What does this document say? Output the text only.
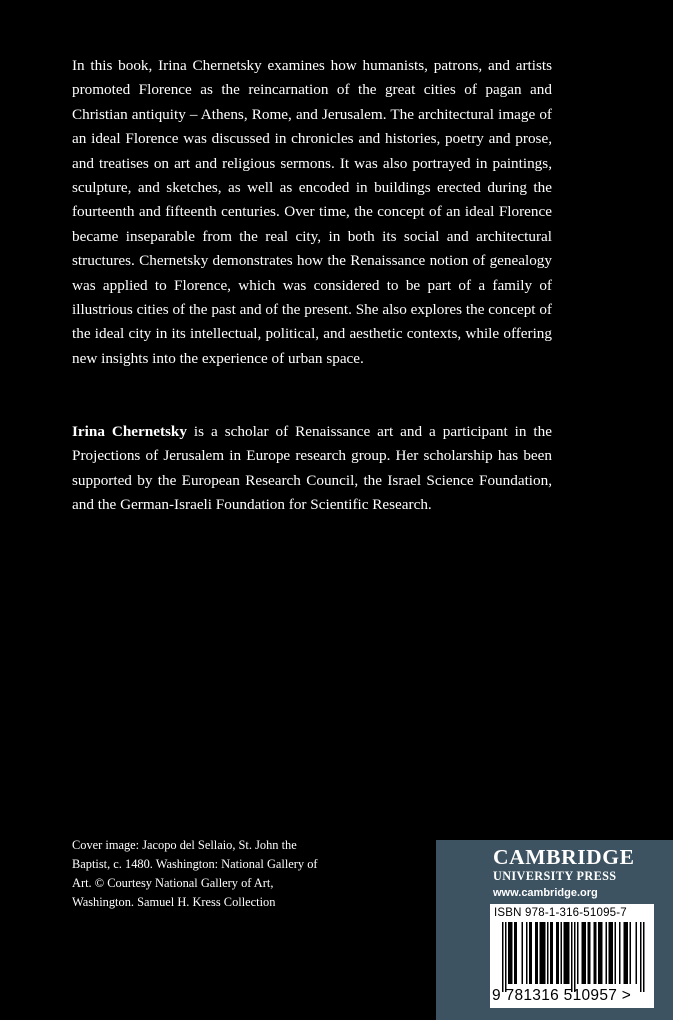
In this book, Irina Chernetsky examines how humanists, patrons, and artists promoted Florence as the reincarnation of the great cities of pagan and Christian antiquity – Athens, Rome, and Jerusalem. The architectural image of an ideal Florence was discussed in chronicles and histories, poetry and prose, and treatises on art and religious sermons. It was also portrayed in paintings, sculpture, and sketches, as well as encoded in buildings erected during the fourteenth and fifteenth centuries. Over time, the concept of an ideal Florence became inseparable from the real city, in both its social and architectural structures. Chernetsky demonstrates how the Renaissance notion of genealogy was applied to Florence, which was considered to be part of a family of illustrious cities of the past and of the present. She also explores the concept of the ideal city in its intellectual, political, and aesthetic contexts, while offering new insights into the experience of urban space.

Irina Chernetsky is a scholar of Renaissance art and a participant in the Projections of Jerusalem in Europe research group. Her scholarship has been supported by the European Research Council, the Israel Science Foundation, and the German-Israeli Foundation for Scientific Research.

Cover image: Jacopo del Sellaio, St. John the Baptist, c. 1480. Washington: National Gallery of Art. © Courtesy National Gallery of Art, Washington. Samuel H. Kress Collection

CAMBRIDGE

UNIVERSITY PRESS

www.cambridge.org

ISBN 978-1-316-51095-7

9 781316 510957 >
